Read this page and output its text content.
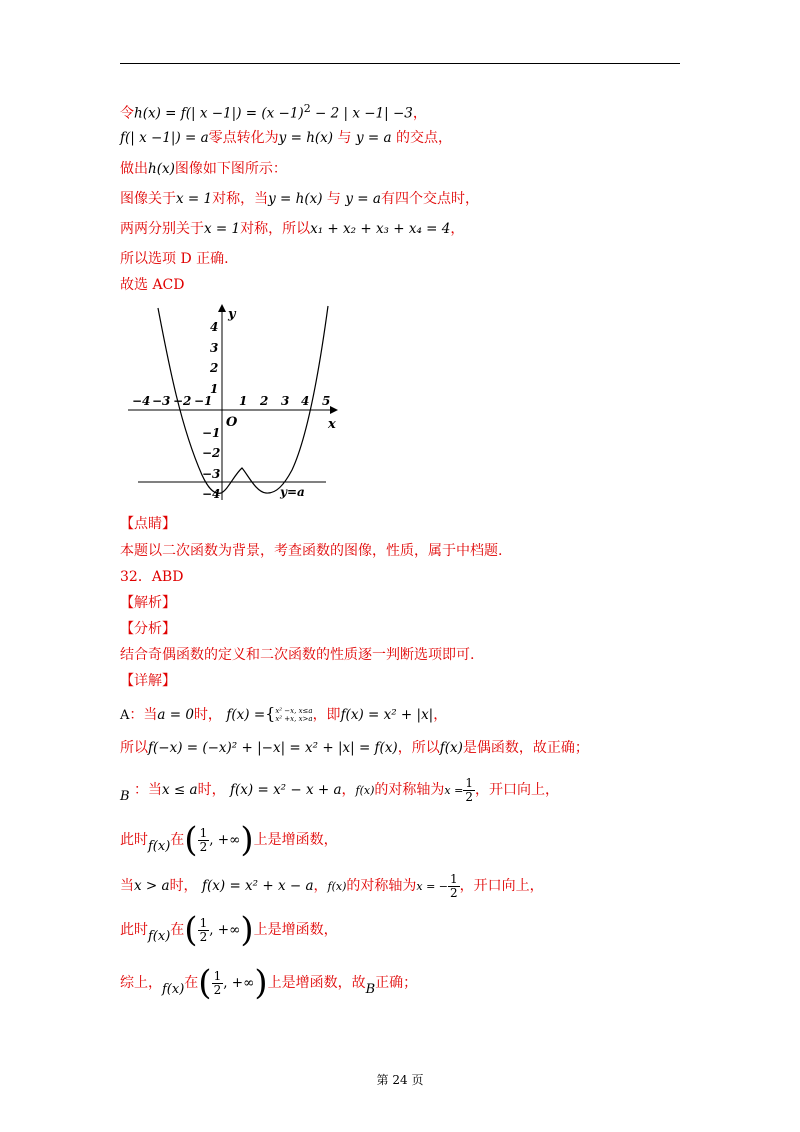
令h(x) = f(| $x -1|) = (x -1)^2 - 2$ | x −1| −3，
f(| x −1|) = a零点转化为y = h(x) 与 y = a 的交点，
做出h(x)图像如下图所示：
图像关于x = 1对称，当y = h(x) 与 y = a有四个交点时，
两两分别关于x = 1对称，所以x₁ + x₂ + x₃ + x₄ = 4，
所以选项 D 正确.
故选 ACD
−4 −3 −2 −1 1 2 3 4 5
4
3
2
1
−1
−2
−3
−4
O	x
y
y=a
【点睛】
本题以二次函数为背景，考查函数的图像，性质，属于中档题.
32．ABD
【解析】
【分析】
结合奇偶函数的定义和二次函数的性质逐一判断选项即可.
【详解】
A：当a = 0时， f(x) ={ x² −x, x≤a
x² +x, x>a ，即f(x) = x² + |x|，
所以f(−x) = (−x)² + |−x| = x² + |x| = f(x)，所以f(x)是偶函数，故正确；
B ：当x ≤ a时， f(x) = x² − x + a，f(x)的对称轴为$x = \frac{1}{2}$ ，开口向上，
此时f(x)在( $\frac{1}{2}$ , +∞)上是增函数，
当x > a时， f(x) = x² + x − a，f(x)的对称轴为x = − $\frac{1}{2}$ ，开口向上，
此时f(x)在( $\frac{1}{2}$ , +∞)上是增函数，
综上，f(x)在( $\frac{1}{2}$ , +∞)上是增函数，故B正确；
第 24 页
